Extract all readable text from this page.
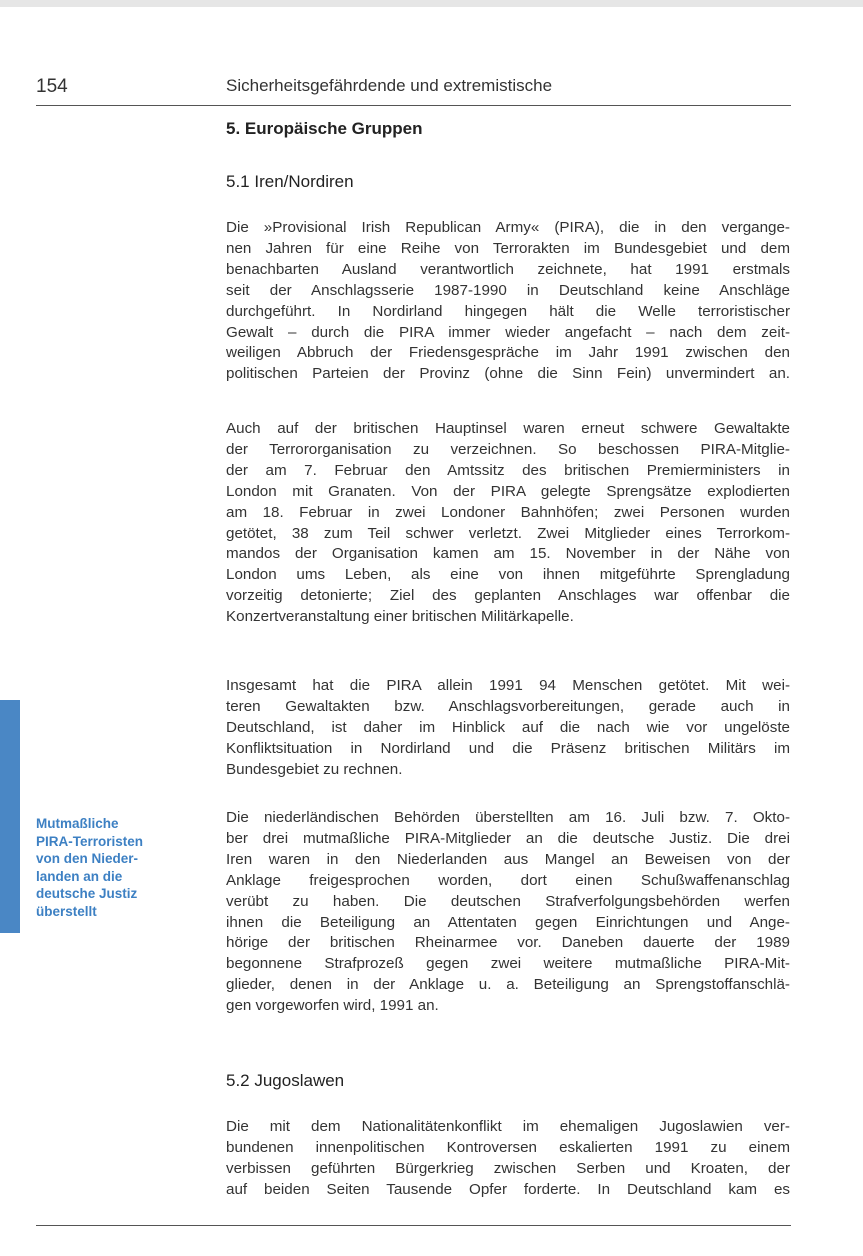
154	Sicherheitsgefährdende und extremistische
Mutmaßliche
PIRA-Terroristen
von den Nieder-
landen an die
deutsche Justiz
überstellt
5. Europäische Gruppen
5.1 Iren/Nordiren
Die »Provisional Irish Republican Army« (PIRA), die in den vergange-
nen Jahren für eine Reihe von Terrorakten im Bundesgebiet und dem
benachbarten Ausland verantwortlich zeichnete, hat 1991 erstmals
seit der Anschlagsserie 1987-1990 in Deutschland keine Anschläge
durchgeführt. In Nordirland hingegen hält die Welle terroristischer
Gewalt – durch die PIRA immer wieder angefacht – nach dem zeit-
weiligen Abbruch der Friedensgespräche im Jahr 1991 zwischen den
politischen Parteien der Provinz (ohne die Sinn Fein) unvermindert an.
Auch auf der britischen Hauptinsel waren erneut schwere Gewaltakte
der Terrororganisation zu verzeichnen. So beschossen PIRA-Mitglie-
der am 7. Februar den Amtssitz des britischen Premierministers in
London mit Granaten. Von der PIRA gelegte Sprengsätze explodierten
am 18. Februar in zwei Londoner Bahnhöfen; zwei Personen wurden
getötet, 38 zum Teil schwer verletzt. Zwei Mitglieder eines Terrorkom-
mandos der Organisation kamen am 15. November in der Nähe von
London ums Leben, als eine von ihnen mitgeführte Sprengladung
vorzeitig detonierte; Ziel des geplanten Anschlages war offenbar die
Konzertveranstaltung einer britischen Militärkapelle.
Insgesamt hat die PIRA allein 1991 94 Menschen getötet. Mit wei-
teren Gewaltakten bzw. Anschlagsvorbereitungen, gerade auch in
Deutschland, ist daher im Hinblick auf die nach wie vor ungelöste
Konfliktsituation in Nordirland und die Präsenz britischen Militärs im
Bundesgebiet zu rechnen.
Die niederländischen Behörden überstellten am 16. Juli bzw. 7. Okto-
ber drei mutmaßliche PIRA-Mitglieder an die deutsche Justiz. Die drei
Iren waren in den Niederlanden aus Mangel an Beweisen von der
Anklage freigesprochen worden, dort einen Schußwaffenanschlag
verübt zu haben. Die deutschen Strafverfolgungsbehörden werfen
ihnen die Beteiligung an Attentaten gegen Einrichtungen und Ange-
hörige der britischen Rheinarmee vor. Daneben dauerte der 1989
begonnene Strafprozeß gegen zwei weitere mutmaßliche PIRA-Mit-
glieder, denen in der Anklage u. a. Beteiligung an Sprengstoffanschlä-
gen vorgeworfen wird, 1991 an.
5.2 Jugoslawen
Die mit dem Nationalitätenkonflikt im ehemaligen Jugoslawien ver-
bundenen innenpolitischen Kontroversen eskalierten 1991 zu einem
verbissen geführten Bürgerkrieg zwischen Serben und Kroaten, der
auf beiden Seiten Tausende Opfer forderte. In Deutschland kam es
